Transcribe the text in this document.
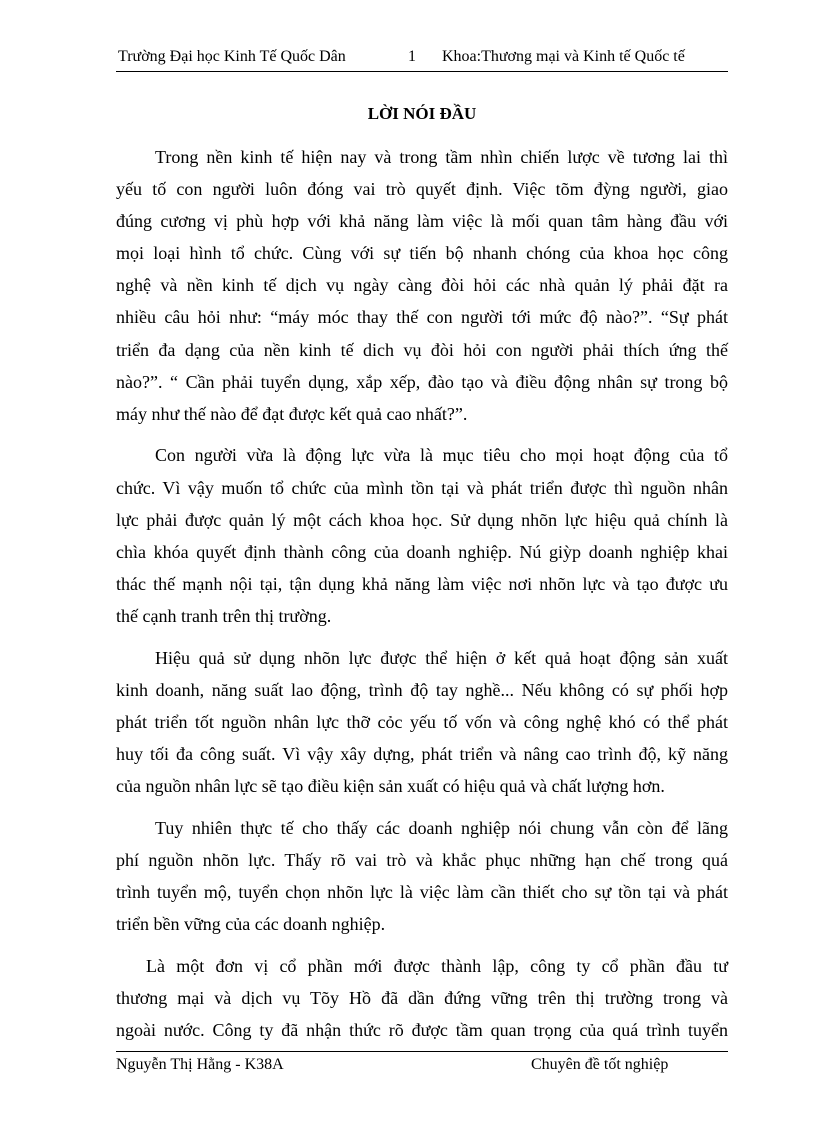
Trường Đại học Kinh Tế Quốc Dân	1 Khoa:Thương mại và Kinh tế Quốc tế
LỜI NÓI ĐẦU
Trong nền kinh tế hiện nay và trong tầm nhìn chiến lược về tương lai thì
yếu tố con người luôn đóng vai trò quyết định. Việc tõm đỳng người, giao
đúng cương vị phù hợp với khả năng làm việc là mối quan tâm hàng đầu với
mọi loại hình tổ chức. Cùng với sự tiến bộ nhanh chóng của khoa học công
nghệ và nền kinh tế dịch vụ ngày càng đòi hỏi các nhà quản lý phải đặt ra
nhiều câu hỏi như: “máy móc thay thế con người tới mức độ nào?”. “Sự phát
triển đa dạng của nền kinh tế dich vụ đòi hỏi con người phải thích ứng thế
nào?”. “ Cần phải tuyển dụng, xắp xếp, đào tạo và điều động nhân sự trong bộ
máy như thế nào để đạt được kết quả cao nhất?”.
Con người vừa là động lực vừa là mục tiêu cho mọi hoạt động của tổ
chức. Vì vậy muốn tổ chức của mình tồn tại và phát triển được thì nguồn nhân
lực phải được quản lý một cách khoa học. Sử dụng nhõn lực hiệu quả chính là
chìa khóa quyết định thành công của doanh nghiệp. Nú giỳp doanh nghiệp khai
thác thế mạnh nội tại, tận dụng khả năng làm việc nơi nhõn lực và tạo được ưu
thế cạnh tranh trên thị trường.
Hiệu quả sử dụng nhõn lực được thể hiện ở kết quả hoạt động sản xuất
kinh doanh, năng suất lao động, trình độ tay nghề... Nếu không có sự phối hợp
phát triển tốt nguồn nhân lực thỡ cỏc yếu tố vốn và công nghệ khó có thể phát
huy tối đa công suất. Vì vậy xây dựng, phát triển và nâng cao trình độ, kỹ năng
của nguồn nhân lực sẽ tạo điều kiện sản xuất có hiệu quả và chất lượng hơn.
Tuy nhiên thực tế cho thấy các doanh nghiệp nói chung vẫn còn để lãng
phí nguồn nhõn lực. Thấy rõ vai trò và khắc phục những hạn chế trong quá
trình tuyển mộ, tuyển chọn nhõn lực là việc làm cần thiết cho sự tồn tại và phát
triển bền vững của các doanh nghiệp.
Là một đơn vị cổ phần mới được thành lập, công ty cổ phần đầu tư
thương mại và dịch vụ Tõy Hồ đã dần đứng vững trên thị trường trong và
ngoài nước. Công ty đã nhận thức rõ được tầm quan trọng của quá trình tuyển
Nguyễn Thị Hằng - K38A	Chuyên đề tốt nghiệp
